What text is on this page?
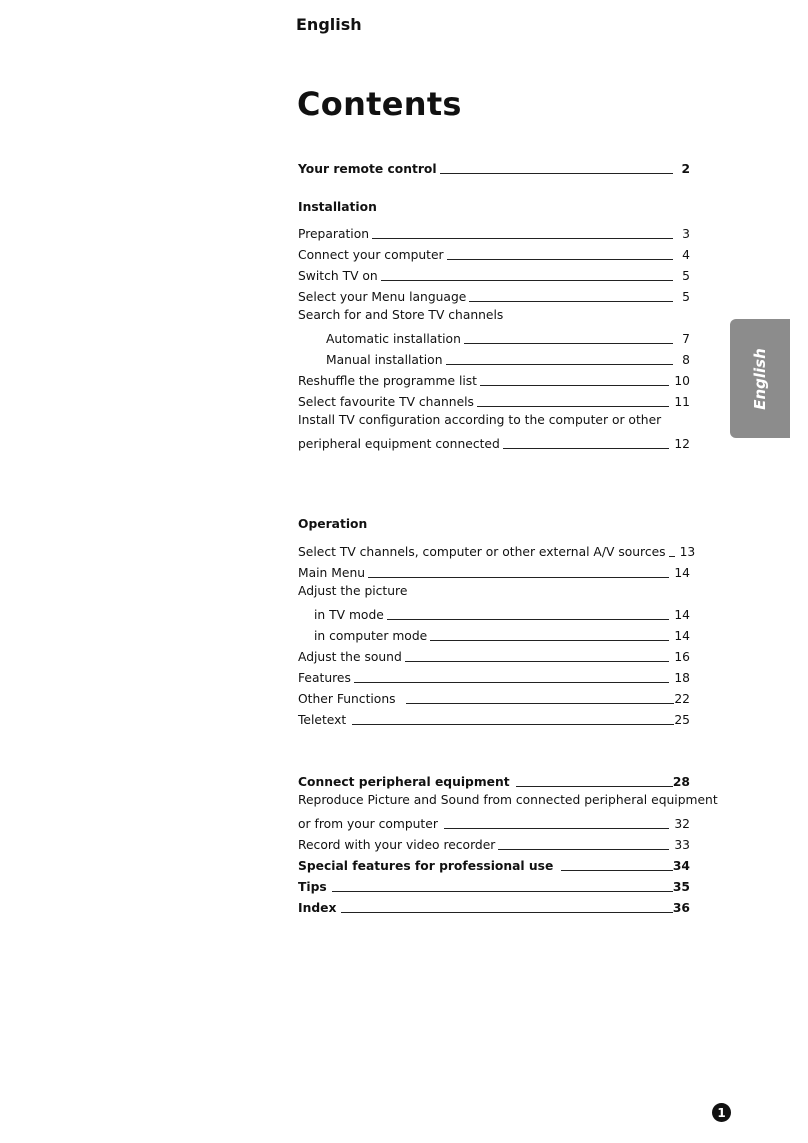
English
Contents
Your remote control	2
Installation
Preparation	3
Connect your computer	4
Switch TV on	5
Select your Menu language	5
Search for and Store TV channels
Automatic installation	7
Manual installation	8
Reshuffle the programme list	10
Select favourite TV channels	11
Install TV configuration according to the computer or other
peripheral equipment connected	12
Operation
Select TV channels, computer or other external A/V sources 13
Main Menu	14
Adjust the picture
in TV mode	14
in computer mode	14
Adjust the sound	16
Features	18
Other Functions	22
Teletext	25
Connect peripheral equipment	28
Reproduce Picture and Sound from connected peripheral equipment
or from your computer	32
Record with your video recorder	33
Special features for professional use	34
Tips	35
Index	36
English
1
